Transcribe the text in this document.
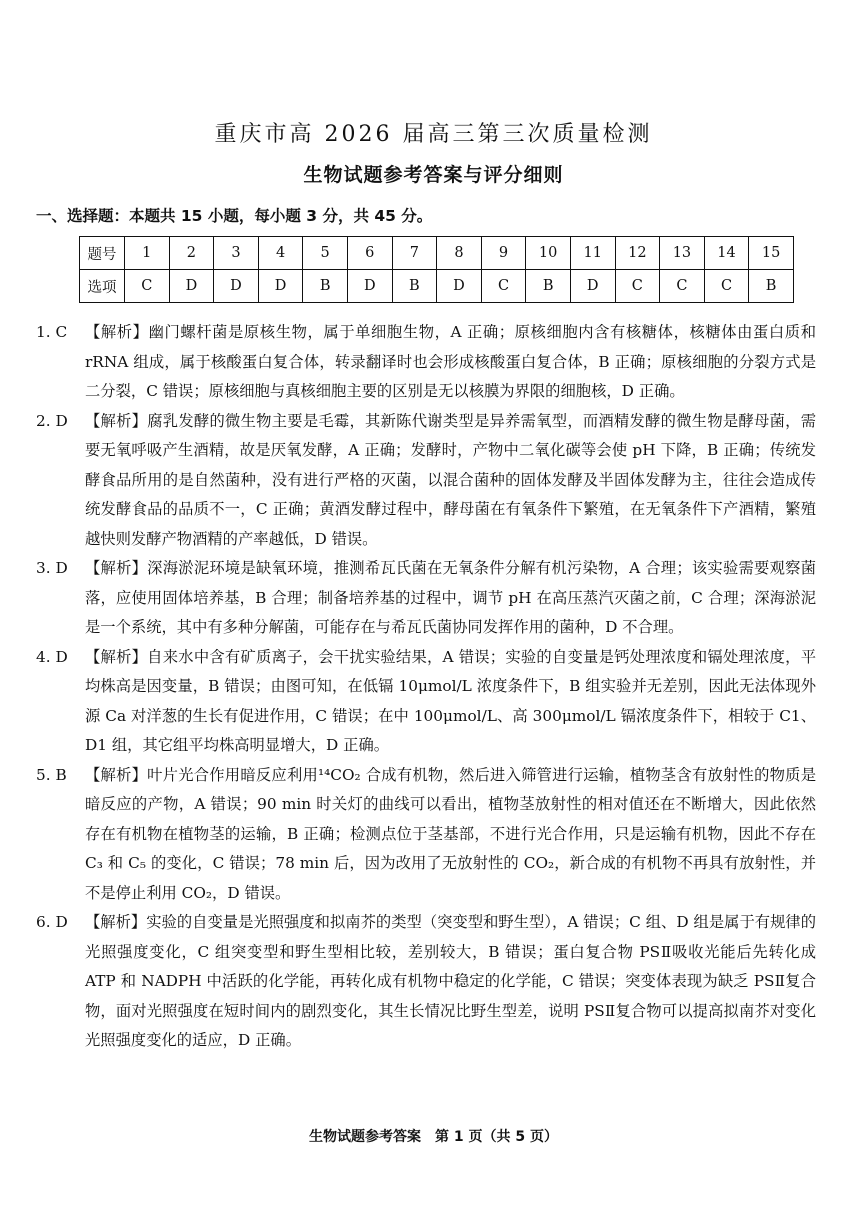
重庆市高 2026 届高三第三次质量检测
生物试题参考答案与评分细则
一、选择题：本题共 15 小题，每小题 3 分，共 45 分。
题号	1	2	3	4	5	6	7	8	9	10	11	12	13	14	15
选项	C	D	D	D	B	D	B	D	C	B	D	C	C	C	B
1. C	【解析】幽门螺杆菌是原核生物，属于单细胞生物，A 正确；原核细胞内含有核糖体，核糖体由蛋白质和 rRNA 组成，属于核酸蛋白复合体，转录翻译时也会形成核酸蛋白复合体，B 正确；原核细胞的分裂方式是二分裂，C 错误；原核细胞与真核细胞主要的区别是无以核膜为界限的细胞核，D 正确。
2. D	【解析】腐乳发酵的微生物主要是毛霉，其新陈代谢类型是异养需氧型，而酒精发酵的微生物是酵母菌，需要无氧呼吸产生酒精，故是厌氧发酵，A 正确；发酵时，产物中二氧化碳等会使 pH 下降，B 正确；传统发酵食品所用的是自然菌种，没有进行严格的灭菌，以混合菌种的固体发酵及半固体发酵为主，往往会造成传统发酵食品的品质不一，C 正确；黄酒发酵过程中，酵母菌在有氧条件下繁殖，在无氧条件下产酒精，繁殖越快则发酵产物酒精的产率越低，D 错误。
3. D	【解析】深海淤泥环境是缺氧环境，推测希瓦氏菌在无氧条件分解有机污染物，A 合理；该实验需要观察菌落，应使用固体培养基，B 合理；制备培养基的过程中，调节 pH 在高压蒸汽灭菌之前，C 合理；深海淤泥是一个系统，其中有多种分解菌，可能存在与希瓦氏菌协同发挥作用的菌种，D 不合理。
4. D	【解析】自来水中含有矿质离子，会干扰实验结果，A 错误；实验的自变量是钙处理浓度和镉处理浓度，平均株高是因变量，B 错误；由图可知，在低镉 10μmol/L 浓度条件下，B 组实验并无差别，因此无法体现外源 Ca 对洋葱的生长有促进作用，C 错误；在中 100μmol/L、高 300μmol/L 镉浓度条件下，相较于 C1、D1 组，其它组平均株高明显增大，D 正确。
5. B	【解析】叶片光合作用暗反应利用¹⁴CO₂ 合成有机物，然后进入筛管进行运输，植物茎含有放射性的物质是暗反应的产物，A 错误；90 min 时关灯的曲线可以看出，植物茎放射性的相对值还在不断增大，因此依然存在有机物在植物茎的运输，B 正确；检测点位于茎基部，不进行光合作用，只是运输有机物，因此不存在 C₃ 和 C₅ 的变化，C 错误；78 min 后，因为改用了无放射性的 CO₂，新合成的有机物不再具有放射性，并不是停止利用 CO₂，D 错误。
6. D	【解析】实验的自变量是光照强度和拟南芥的类型（突变型和野生型），A 错误；C 组、D 组是属于有规律的光照强度变化，C 组突变型和野生型相比较，差别较大，B 错误；蛋白复合物 PSⅡ吸收光能后先转化成 ATP 和 NADPH 中活跃的化学能，再转化成有机物中稳定的化学能，C 错误；突变体表现为缺乏 PSⅡ复合物，面对光照强度在短时间内的剧烈变化，其生长情况比野生型差，说明 PSⅡ复合物可以提高拟南芥对变化光照强度变化的适应，D 正确。
生物试题参考答案　第 1 页（共 5 页）
